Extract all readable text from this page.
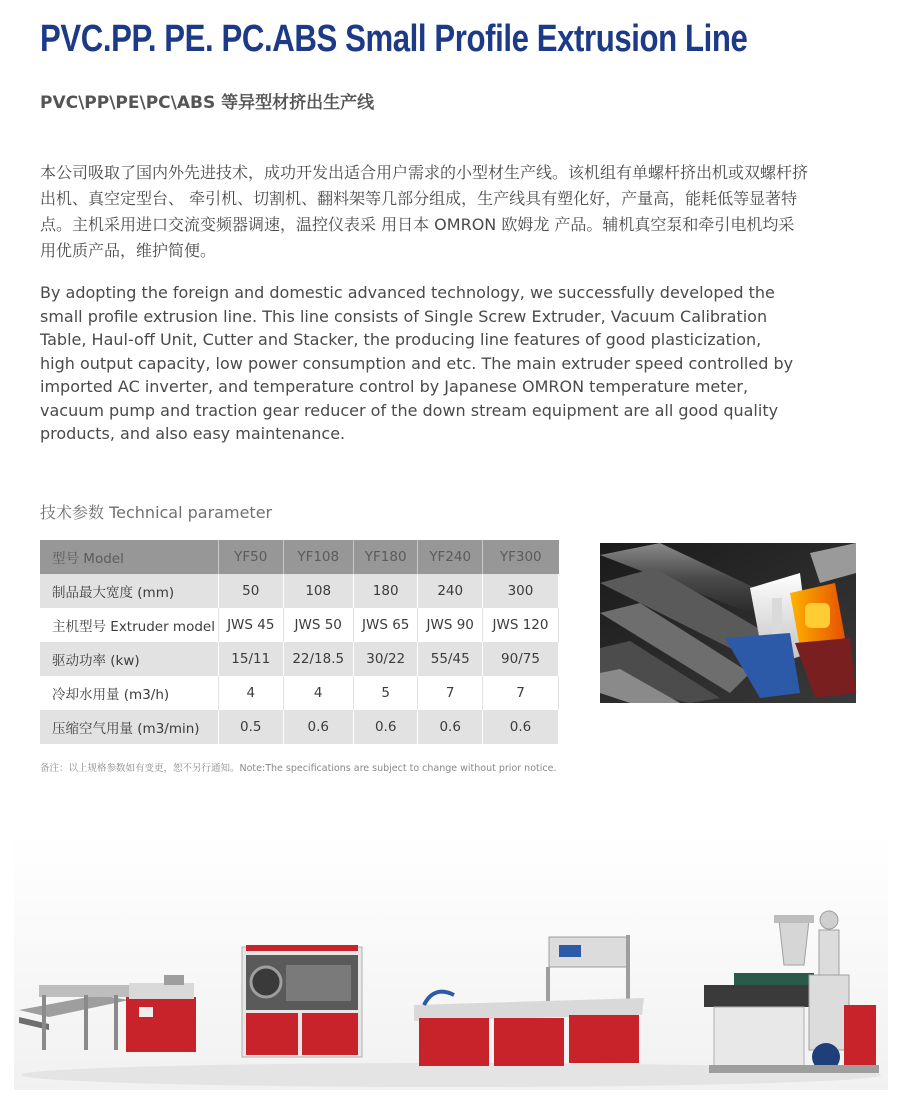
PVC.PP. PE. PC.ABS Small Profile Extrusion Line
PVC\PP\PE\PC\ABS 等异型材挤出生产线

本公司吸取了国内外先进技术，成功开发出适合用户需求的小型材生产线。该机组有单螺杆挤出机或双螺杆挤出机、真空定型台、 牵引机、切割机、翻料架等几部分组成，生产线具有塑化好，产量高，能耗低等显著特点。主机采用进口交流变频器调速，温控仪表采 用日本 OMRON 欧姆龙 产品。辅机真空泵和牵引电机均采用优质产品，维护简便。

By adopting the foreign and domestic advanced technology, we successfully developed the small profile extrusion line. This line consists of Single Screw Extruder, Vacuum Calibration Table, Haul-off Unit, Cutter and Stacker, the producing line features of good plasticization, high output capacity, low power consumption and etc. The main extruder speed controlled by imported AC inverter, and temperature control by Japanese OMRON temperature meter, vacuum pump and traction gear reducer of the down stream equipment are all good quality products, and also easy maintenance.

技术参数 Technical parameter
型号 Model	YF50	YF108	YF180	YF240	YF300
制品最大宽度 (mm)	50	108	180	240	300
主机型号 Extruder model	JWS 45	JWS 50	JWS 65	JWS 90	JWS 120
驱动功率 (kw)	15/11	22/18.5	30/22	55/45	90/75
冷却水用量 (m3/h)	4	4	5	7	7
压缩空气用量 (m3/min)	0.5	0.6	0.6	0.6	0.6

备注：以上规格参数如有变更，恕不另行通知。Note:The specifications are subject to change without prior notice.
